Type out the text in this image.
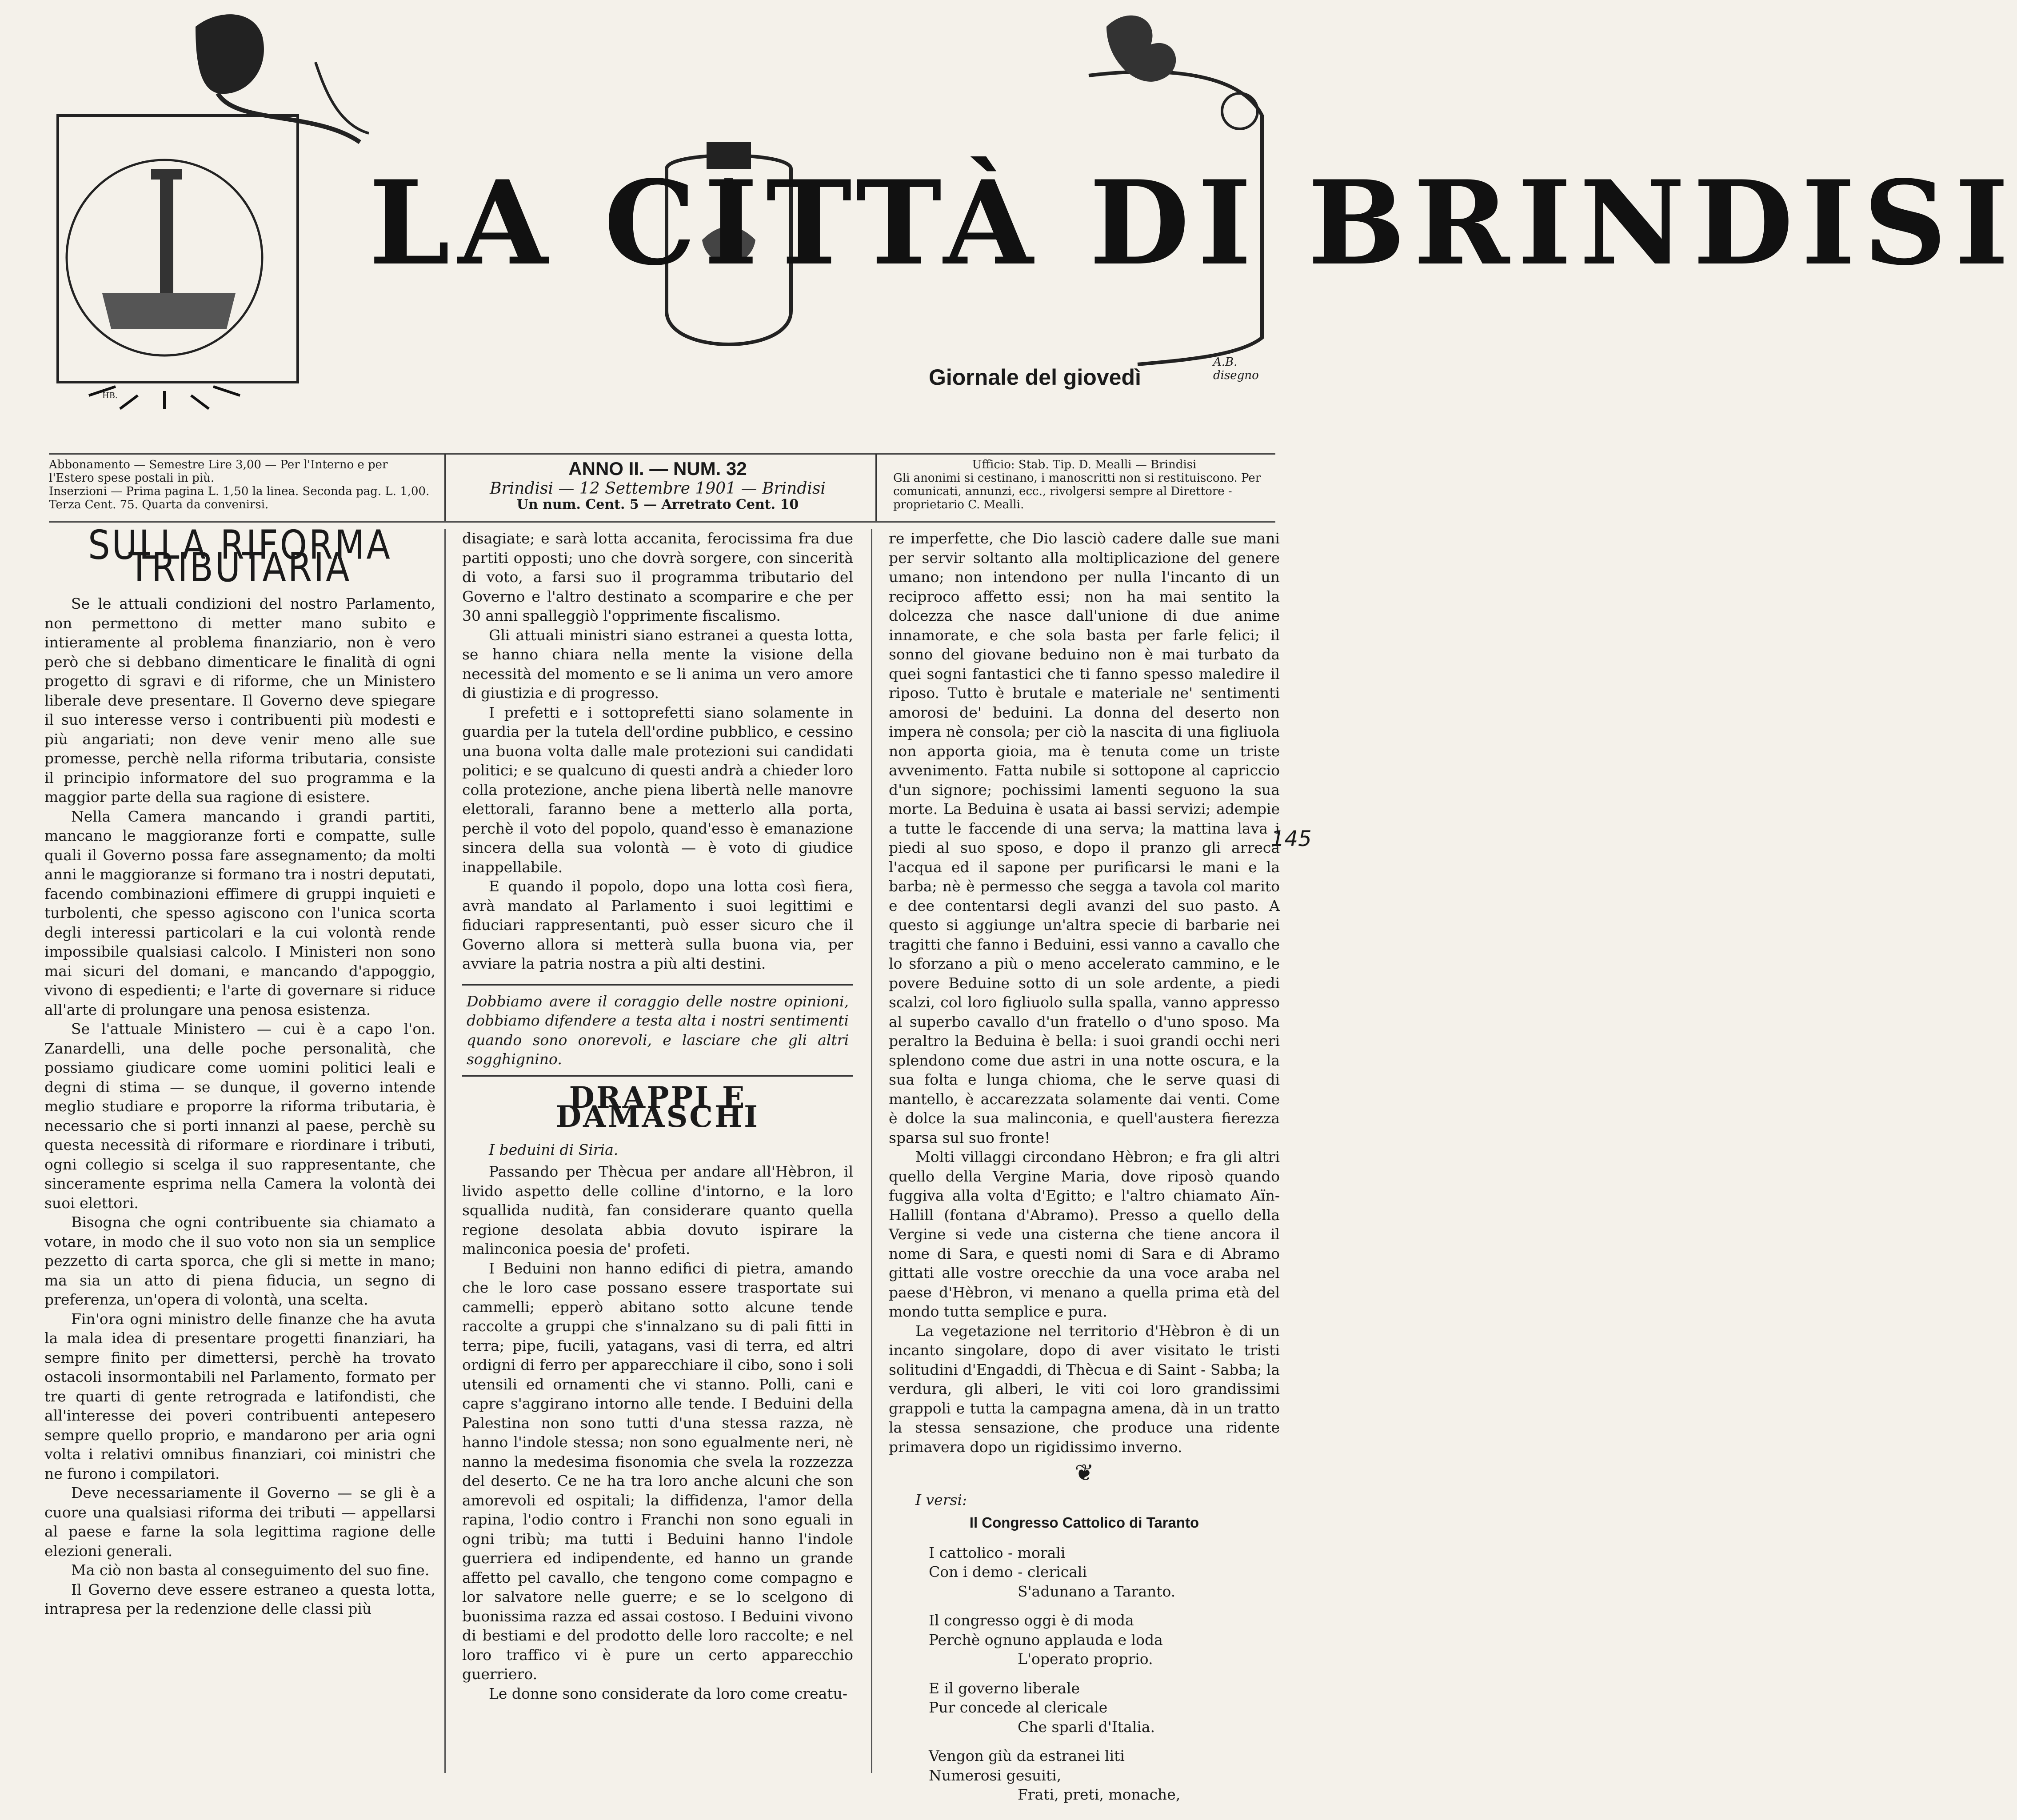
LA CITTÀ DI BRINDISI
Giornale del giovedì
A.B. disegno
HB.
Abbonamento — Semestre Lire 3,00 — Per l'Interno e per l'Estero spese postali in più.
Inserzioni — Prima pagina L. 1,50 la linea. Seconda pag. L. 1,00. Terza Cent. 75. Quarta da convenirsi.
ANNO II. — NUM. 32
Brindisi — 12 Settembre 1901 — Brindisi
Un num. Cent. 5 — Arretrato Cent. 10
Ufficio: Stab. Tip. D. Mealli — Brindisi
Gli anonimi si cestinano, i manoscritti non si restituiscono. Per comunicati, annunzi, ecc., rivolgersi sempre al Direttore - proprietario C. Mealli.
SULLA RIFORMA TRIBUTARIA

Se le attuali condizioni del nostro Parlamento, non permettono di metter mano subito e intieramente al problema finanziario, non è vero però che si debbano dimenticare le finalità di ogni progetto di sgravi e di riforme, che un Ministero liberale deve presentare. Il Governo deve spiegare il suo interesse verso i contribuenti più modesti e più angariati; non deve venir meno alle sue promesse, perchè nella riforma tributaria, consiste il principio informatore del suo programma e la maggior parte della sua ragione di esistere.

Nella Camera mancando i grandi partiti, mancano le maggioranze forti e compatte, sulle quali il Governo possa fare assegnamento; da molti anni le maggioranze si formano tra i nostri deputati, facendo combinazioni effimere di gruppi inquieti e turbolenti, che spesso agiscono con l'unica scorta degli interessi particolari e la cui volontà rende impossibile qualsiasi calcolo. I Ministeri non sono mai sicuri del domani, e mancando d'appoggio, vivono di espedienti; e l'arte di governare si riduce all'arte di prolungare una penosa esistenza.

Se l'attuale Ministero — cui è a capo l'on. Zanardelli, una delle poche personalità, che possiamo giudicare come uomini politici leali e degni di stima — se dunque, il governo intende meglio studiare e proporre la riforma tributaria, è necessario che si porti innanzi al paese, perchè su questa necessità di riformare e riordinare i tributi, ogni collegio si scelga il suo rappresentante, che sinceramente esprima nella Camera la volontà dei suoi elettori.

Bisogna che ogni contribuente sia chiamato a votare, in modo che il suo voto non sia un semplice pezzetto di carta sporca, che gli si mette in mano; ma sia un atto di piena fiducia, un segno di preferenza, un'opera di volontà, una scelta.

Fin'ora ogni ministro delle finanze che ha avuta la mala idea di presentare progetti finanziari, ha sempre finito per dimettersi, perchè ha trovato ostacoli insormontabili nel Parlamento, formato per tre quarti di gente retrograda e latifondisti, che all'interesse dei poveri contribuenti antepesero sempre quello proprio, e mandarono per aria ogni volta i relativi omnibus finanziari, coi ministri che ne furono i compilatori.

Deve necessariamente il Governo — se gli è a cuore una qualsiasi riforma dei tributi — appellarsi al paese e farne la sola legittima ragione delle elezioni generali.

Ma ciò non basta al conseguimento del suo fine.

Il Governo deve essere estraneo a questa lotta, intrapresa per la redenzione delle classi più

disagiate; e sarà lotta accanita, ferocissima fra due partiti opposti; uno che dovrà sorgere, con sincerità di voto, a farsi suo il programma tributario del Governo e l'altro destinato a scomparire e che per 30 anni spalleggiò l'opprimente fiscalismo.

Gli attuali ministri siano estranei a questa lotta, se hanno chiara nella mente la visione della necessità del momento e se li anima un vero amore di giustizia e di progresso.

I prefetti e i sottoprefetti siano solamente in guardia per la tutela dell'ordine pubblico, e cessino una buona volta dalle male protezioni sui candidati politici; e se qualcuno di questi andrà a chieder loro colla protezione, anche piena libertà nelle manovre elettorali, faranno bene a metterlo alla porta, perchè il voto del popolo, quand'esso è emanazione sincera della sua volontà — è voto di giudice inappellabile.

E quando il popolo, dopo una lotta così fiera, avrà mandato al Parlamento i suoi legittimi e fiduciari rappresentanti, può esser sicuro che il Governo allora si metterà sulla buona via, per avviare la patria nostra a più alti destini.

Dobbiamo avere il coraggio delle nostre opinioni, dobbiamo difendere a testa alta i nostri sentimenti quando sono onorevoli, e lasciare che gli altri sogghignino.
DRAPPI E DAMASCHI
I beduini di Siria.

Passando per Thècua per andare all'Hèbron, il livido aspetto delle colline d'intorno, e la loro squallida nudità, fan considerare quanto quella regione desolata abbia dovuto ispirare la malinconica poesia de' profeti.

I Beduini non hanno edifici di pietra, amando che le loro case possano essere trasportate sui cammelli; epperò abitano sotto alcune tende raccolte a gruppi che s'innalzano su di pali fitti in terra; pipe, fucili, yatagans, vasi di terra, ed altri ordigni di ferro per apparecchiare il cibo, sono i soli utensili ed ornamenti che vi stanno. Polli, cani e capre s'aggirano intorno alle tende. I Beduini della Palestina non sono tutti d'una stessa razza, nè hanno l'indole stessa; non sono egualmente neri, nè nanno la medesima fisonomia che svela la rozzezza del deserto. Ce ne ha tra loro anche alcuni che son amorevoli ed ospitali; la diffidenza, l'amor della rapina, l'odio contro i Franchi non sono eguali in ogni tribù; ma tutti i Beduini hanno l'indole guerriera ed indipendente, ed hanno un grande affetto pel cavallo, che tengono come compagno e lor salvatore nelle guerre; e se lo scelgono di buonissima razza ed assai costoso. I Beduini vivono di bestiami e del prodotto delle loro raccolte; e nel loro traffico vi è pure un certo apparecchio guerriero.

Le donne sono considerate da loro come creatu-

re imperfette, che Dio lasciò cadere dalle sue mani per servir soltanto alla moltiplicazione del genere umano; non intendono per nulla l'incanto di un reciproco affetto essi; non ha mai sentito la dolcezza che nasce dall'unione di due anime innamorate, e che sola basta per farle felici; il sonno del giovane beduino non è mai turbato da quei sogni fantastici che ti fanno spesso maledire il riposo. Tutto è brutale e materiale ne' sentimenti amorosi de' beduini. La donna del deserto non impera nè consola; per ciò la nascita di una figliuola non apporta gioia, ma è tenuta come un triste avvenimento. Fatta nubile si sottopone al capriccio d'un signore; pochissimi lamenti seguono la sua morte. La Beduina è usata ai bassi servizi; adempie a tutte le faccende di una serva; la mattina lava i piedi al suo sposo, e dopo il pranzo gli arreca l'acqua ed il sapone per purificarsi le mani e la barba; nè è permesso che segga a tavola col marito e dee contentarsi degli avanzi del suo pasto. A questo si aggiunge un'altra specie di barbarie nei tragitti che fanno i Beduini, essi vanno a cavallo che lo sforzano a più o meno accelerato cammino, e le povere Beduine sotto di un sole ardente, a piedi scalzi, col loro figliuolo sulla spalla, vanno appresso al superbo cavallo d'un fratello o d'uno sposo. Ma peraltro la Beduina è bella: i suoi grandi occhi neri splendono come due astri in una notte oscura, e la sua folta e lunga chioma, che le serve quasi di mantello, è accarezzata solamente dai venti. Come è dolce la sua malinconia, e quell'austera fierezza sparsa sul suo fronte!

Molti villaggi circondano Hèbron; e fra gli altri quello della Vergine Maria, dove riposò quando fuggiva alla volta d'Egitto; e l'altro chiamato Aïn-Hallill (fontana d'Abramo). Presso a quello della Vergine si vede una cisterna che tiene ancora il nome di Sara, e questi nomi di Sara e di Abramo gittati alle vostre orecchie da una voce araba nel paese d'Hèbron, vi menano a quella prima età del mondo tutta semplice e pura.

La vegetazione nel territorio d'Hèbron è di un incanto singolare, dopo di aver visitato le tristi solitudini d'Engaddi, di Thècua e di Saint - Sabba; la verdura, gli alberi, le viti coi loro grandissimi grappoli e tutta la campagna amena, dà in un tratto la stessa sensazione, che produce una ridente primavera dopo un rigidissimo inverno.

❦
I versi:
Il Congresso Cattolico di Taranto
I cattolico - morali
Con i demo - clericali
S'adunano a Taranto.
Il congresso oggi è di moda
Perchè ognuno applauda e loda
L'operato proprio.
E il governo liberale
Pur concede al clericale
Che sparli d'Italia.
Vengon giù da estranei liti
Numerosi gesuiti,
Frati, preti, monache,
145
